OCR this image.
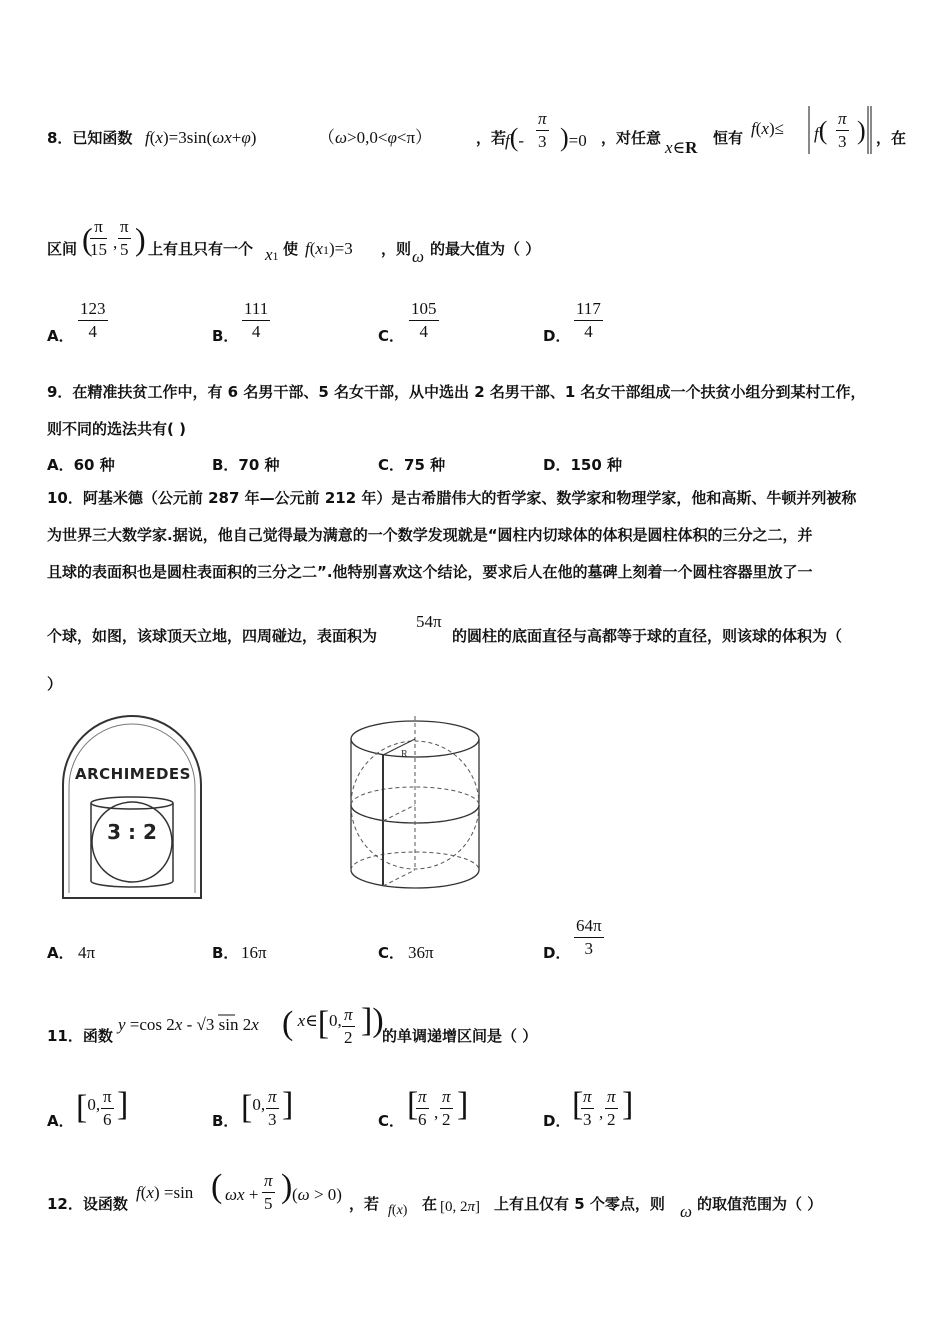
8．已知函数 f(x)=3sin(ωx+φ)	（ω>0,0<φ<π）	，若
$f(- \frac{\pi}{3} )=0$ ，对任意 x∈R 恒有 $f(x)\le f( \frac{\pi}{3}$ ) ，在
区间 (
$\frac{\pi}{15}$ , $\frac{\pi}{5}$ ) 上有且只有一个 x1 使 f(x1)=3 ，则 ω 的最大值为（ ）
A． $\frac{123}{4}$	B． $\frac{111}{4}$	C． $\frac{105}{4}$	D． $\frac{117}{4}$
9．在精准扶贫工作中，有 6 名男干部、5 名女干部，从中选出 2 名男干部、1 名女干部组成一个扶贫小组分到某村工作，
则不同的选法共有( )
A．60 种	B．70 种	C．75 种	D．150 种
10．阿基米德（公元前 287 年—公元前 212 年）是古希腊伟大的哲学家、数学家和物理学家，他和高斯、牛顿并列被称
为世界三大数学家.据说，他自己觉得最为满意的一个数学发现就是“圆柱内切球体的体积是圆柱体积的三分之二，并
且球的表面积也是圆柱表面积的三分之二”.他特别喜欢这个结论，要求后人在他的墓碑上刻着一个圆柱容器里放了一
个球，如图，该球顶天立地，四周碰边，表面积为
54π
的圆柱的底面直径与高都等于球的直径，则该球的体积为（
）
ARCHIMEDES
3 : 2
R
A． 4π	B． 16π	C． 36π	D． $\frac{64\pi}{3}$
11．函数
y =cos 2x - √3 sin 2x ( x∈[0, $\frac{\pi}{2}$ ])
的单调递增区间是（ ）
A． [0, $\frac{\pi}{6}$ ]	B． [0, $\frac{\pi}{3}$ ]	C． [
$\frac{\pi}{6}$ , $\frac{\pi}{2}$ ]	D． [
$\frac{\pi}{3}$ , $\frac{\pi}{2}$ ]
12．设函数
f(x) =sin ( $\omega x + \frac{\pi}{5}$ ) (ω > 0) ，若 f(x) 在 [0, 2π] 上有且仅有 5 个零点，则 ω 的取值范围为（ ）
